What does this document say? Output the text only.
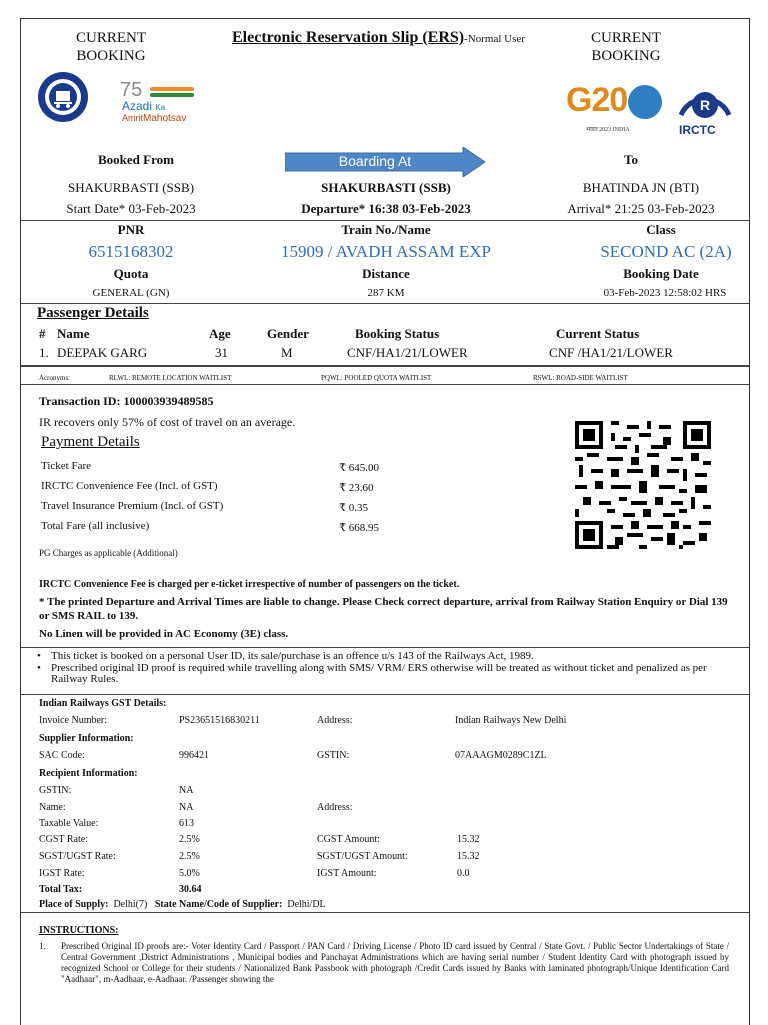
CURRENT
BOOKING
CURRENT
BOOKING
Electronic Reservation Slip (ERS)-Normal User
75
Azadi Ka
AmritMahotsav	G20
भारत 2023 INDIA
R
IRCTC
Booked From	Boarding At	To
SHAKURBASTI (SSB)	SHAKURBASTI (SSB)	BHATINDA JN (BTI)
Start Date* 03-Feb-2023	Departure* 16:38 03-Feb-2023	Arrival* 21:25 03-Feb-2023
PNR	Train No./Name	Class
6515168302	15909 / AVADH ASSAM EXP	SECOND AC (2A)
Quota	Distance	Booking Date
GENERAL (GN)	287 KM	03-Feb-2023 12:58:02 HRS
Passenger Details
# Name	Age	Gender	Booking Status	Current Status
1. DEEPAK GARG	31	M	CNF/HA1/21/LOWER	CNF /HA1/21/LOWER
Acronyms:	RLWL: REMOTE LOCATION WAITLIST	PQWL: POOLED QUOTA WAITLIST	RSWL: ROAD-SIDE WAITLIST
Transaction ID: 100003939489585
IR recovers only 57% of cost of travel on an average.
Payment Details
Ticket Fare	₹ 645.00
IRCTC Convenience Fee (Incl. of GST)	₹ 23.60
Travel Insurance Premium (Incl. of GST)	₹ 0.35
Total Fare (all inclusive)	₹ 668.95
PG Charges as applicable (Additional)
IRCTC Convenience Fee is charged per e-ticket irrespective of number of passengers on the ticket.
* The printed Departure and Arrival Times are liable to change. Please Check correct departure, arrival from Railway Station Enquiry or Dial 139 or SMS RAIL to 139.
No Linen will be provided in AC Economy (3E) class.
• This ticket is booked on a personal User ID, its sale/purchase is an offence u/s 143 of the Railways Act, 1989.
• Prescribed original ID proof is required while travelling along with SMS/ VRM/ ERS otherwise will be treated as without ticket and penalized as per Railway Rules.
Indian Railways GST Details:
Invoice Number:	PS23651516830211	Address:	Indian Railways New Delhi
Supplier Information:
SAC Code:	996421	GSTIN:	07AAAGM0289C1ZL
Recipient Information:
GSTIN:	NA
Name:	NA	Address:
Taxable Value:	613
CGST Rate:	2.5%	CGST Amount:	15.32
SGST/UGST Rate:	2.5%	SGST/UGST Amount:	15.32
IGST Rate:	5.0%	IGST Amount:	0.0
Total Tax:	30.64
Place of Supply: Delhi(7) State Name/Code of Supplier: Delhi/DL
INSTRUCTIONS:
1.	Prescribed Original ID proofs are:- Voter Identity Card / Passport / PAN Card / Driving License / Photo ID card issued by Central / State Govt. / Public Sector Undertakings of State / Central Government ,District Administrations , Municipal bodies and Panchayat Administrations which are having serial number / Student Identity Card with photograph issued by recognized School or College for their students / Nationalized Bank Passbook with photograph /Credit Cards issued by Banks with laminated photograph/Unique Identification Card "Aadhaar", m-Aadhaar, e-Aadhaar. /Passenger showing the
